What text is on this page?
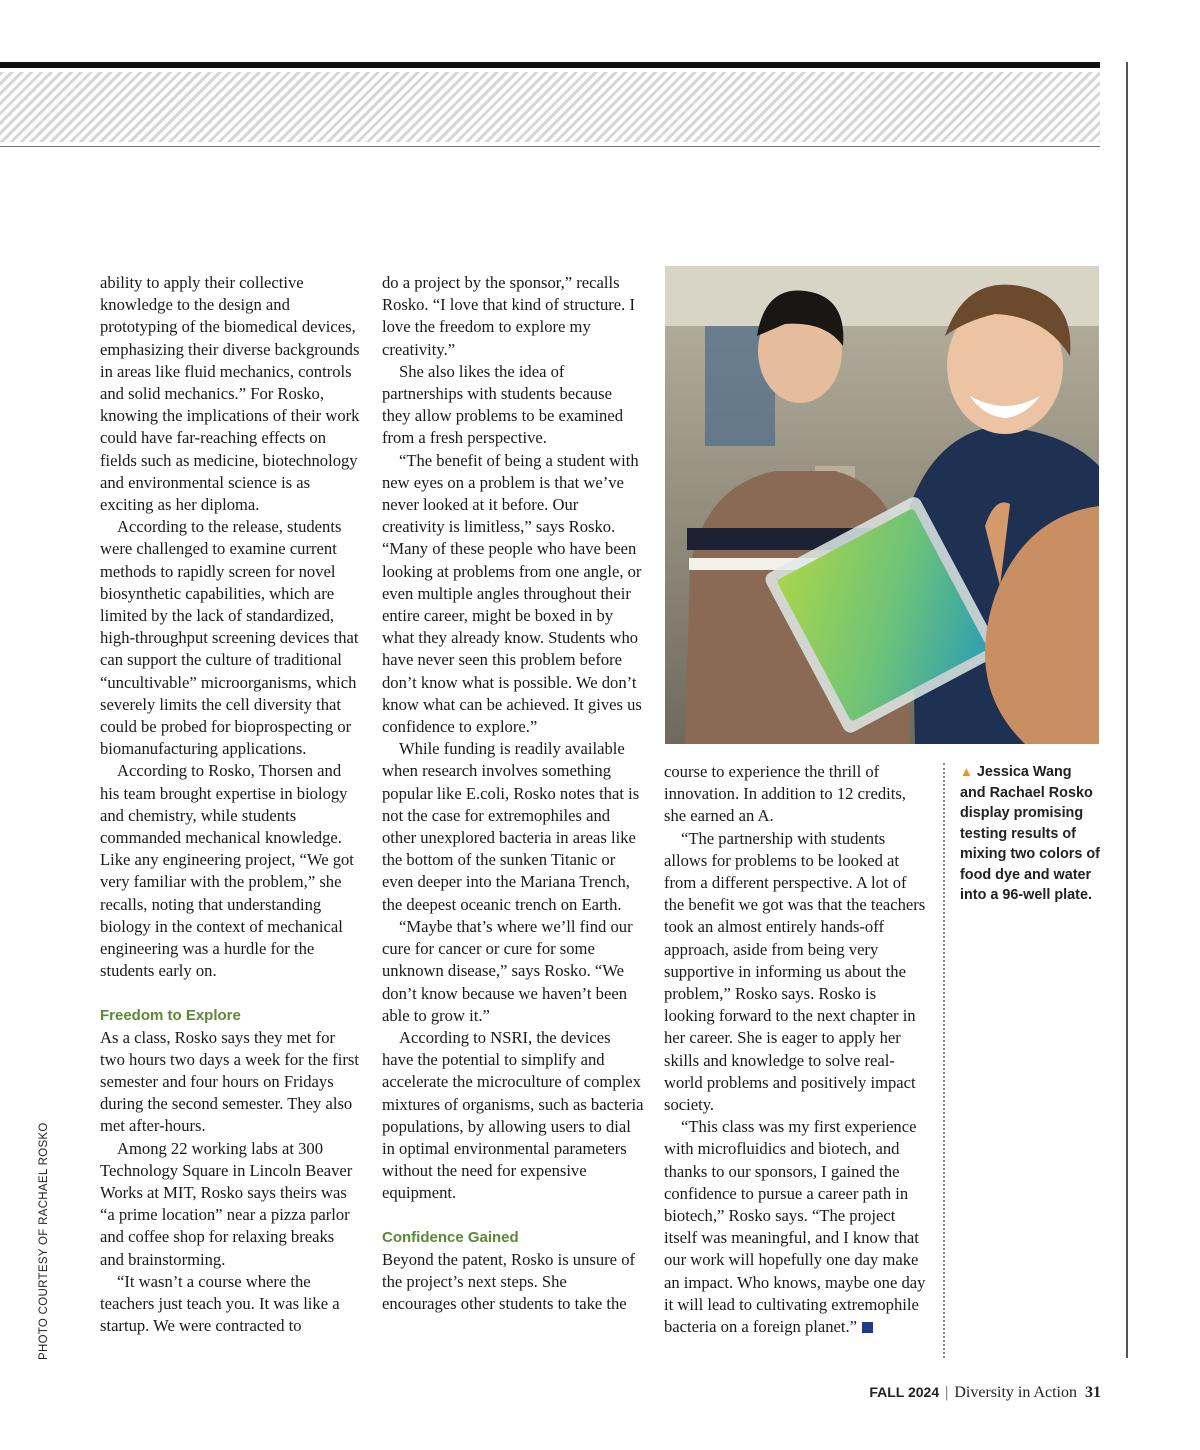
ability to apply their collective knowledge to the design and prototyping of the biomedical devices, emphasizing their diverse backgrounds in areas like fluid mechanics, controls and solid mechanics.” For Rosko, knowing the implications of their work could have far-reaching effects on fields such as medicine, biotechnology and environmental science is as exciting as her diploma.

According to the release, students were challenged to examine current methods to rapidly screen for novel biosynthetic capabilities, which are limited by the lack of standardized, high-throughput screening devices that can support the culture of traditional “uncultivable” microorganisms, which severely limits the cell diversity that could be probed for bioprospecting or biomanufacturing applications.

According to Rosko, Thorsen and his team brought expertise in biology and chemistry, while students commanded mechanical knowledge. Like any engineering project, “We got very familiar with the problem,” she recalls, noting that understanding biology in the context of mechanical engineering was a hurdle for the students early on.

Freedom to Explore

As a class, Rosko says they met for two hours two days a week for the first semester and four hours on Fridays during the second semester. They also met after-hours.

Among 22 working labs at 300 Technology Square in Lincoln Beaver Works at MIT, Rosko says theirs was “a prime location” near a pizza parlor and coffee shop for relaxing breaks and brainstorming.

“It wasn’t a course where the teachers just teach you. It was like a startup. We were contracted to

do a project by the sponsor,” recalls Rosko. “I love that kind of structure. I love the freedom to explore my creativity.”

She also likes the idea of partnerships with students because they allow problems to be examined from a fresh perspective.

“The benefit of being a student with new eyes on a problem is that we’ve never looked at it before. Our creativity is limitless,” says Rosko. “Many of these people who have been looking at problems from one angle, or even multiple angles throughout their entire career, might be boxed in by what they already know. Students who have never seen this problem before don’t know what is possible. We don’t know what can be achieved. It gives us confidence to explore.”

While funding is readily available when research involves something popular like E.coli, Rosko notes that is not the case for extremophiles and other unexplored bacteria in areas like the bottom of the sunken Titanic or even deeper into the Mariana Trench, the deepest oceanic trench on Earth.

“Maybe that’s where we’ll find our cure for cancer or cure for some unknown disease,” says Rosko. “We don’t know because we haven’t been able to grow it.”

According to NSRI, the devices have the potential to simplify and accelerate the microculture of complex mixtures of organisms, such as bacteria populations, by allowing users to dial in optimal environmental parameters without the need for expensive equipment.

Confidence Gained

Beyond the patent, Rosko is unsure of the project’s next steps. She encourages other students to take the

course to experience the thrill of innovation. In addition to 12 credits, she earned an A.

“The partnership with students allows for problems to be looked at from a different perspective. A lot of the benefit we got was that the teachers took an almost entirely hands-off approach, aside from being very supportive in informing us about the problem,” Rosko says. Rosko is looking forward to the next chapter in her career. She is eager to apply her skills and knowledge to solve real-world problems and positively impact society.

“This class was my first experience with microfluidics and biotech, and thanks to our sponsors, I gained the confidence to pursue a career path in biotech,” Rosko says. “The project itself was meaningful, and I know that our work will hopefully one day make an impact. Who knows, maybe one day it will lead to cultivating extremophile bacteria on a foreign planet.”

▲ Jessica Wang and Rachael Rosko display promising testing results of mixing two colors of food dye and water into a 96-well plate.
PHOTO COURTESY OF RACHAEL ROSKO
FALL 2024 | Diversity in Action 31
